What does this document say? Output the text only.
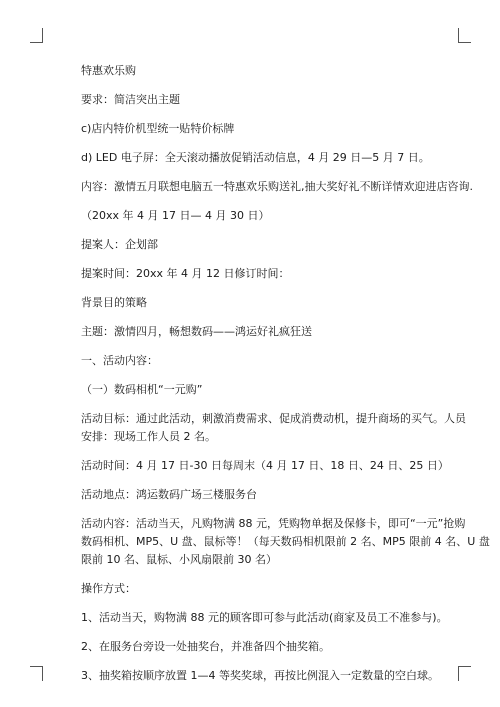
特惠欢乐购

要求：简洁突出主题

c)店内特价机型统一贴特价标牌

d) LED 电子屏：全天滚动播放促销活动信息，4 月 29 日—5 月 7 日。

内容：激情五月联想电脑五一特惠欢乐购送礼,抽大奖好礼不断详情欢迎进店咨询.

（20xx 年 4 月 17 日— 4 月 30 日）

提案人：企划部

提案时间：20xx 年 4 月 12 日修订时间：

背景目的策略

主题：激情四月，畅想数码——鸿运好礼疯狂送

一、活动内容：

（一）数码相机“一元购”

活动目标：通过此活动，刺激消费需求、促成消费动机，提升商场的买气。人员
安排：现场工作人员 2 名。

活动时间：4 月 17 日-30 日每周末（4 月 17 日、18 日、24 日、25 日）

活动地点：鸿运数码广场三楼服务台

活动内容：活动当天，凡购物满 88 元，凭购物单据及保修卡，即可“一元”抢购
数码相机、MP5、U 盘、鼠标等！（每天数码相机限前 2 名、MP5 限前 4 名、U 盘
限前 10 名、鼠标、小风扇限前 30 名）

操作方式：

1、活动当天，购物满 88 元的顾客即可参与此活动(商家及员工不准参与)。

2、在服务台旁设一处抽奖台，并准备四个抽奖箱。

3、抽奖箱按顺序放置 1—4 等奖奖球，再按比例混入一定数量的空白球。
